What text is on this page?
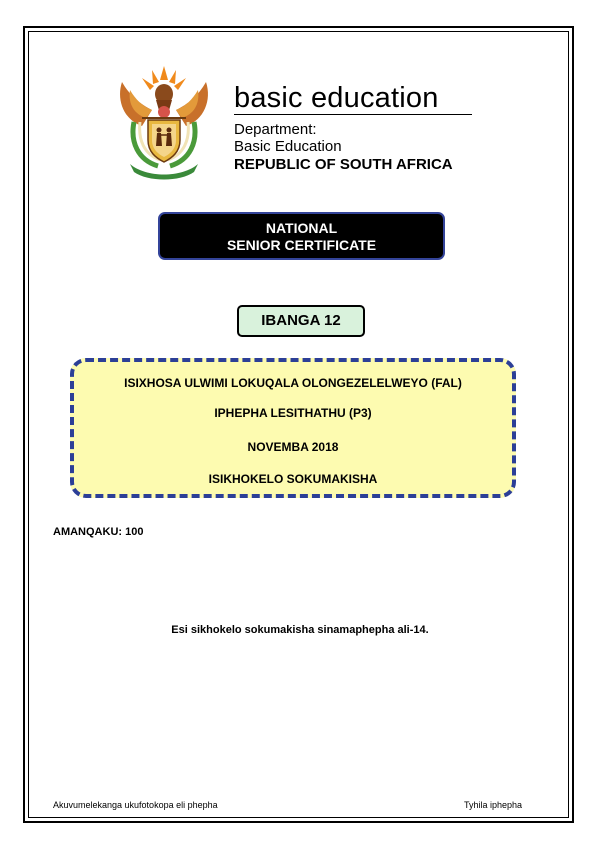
basic education
Department:
Basic Education
REPUBLIC OF SOUTH AFRICA
NATIONAL
SENIOR CERTIFICATE
IBANGA 12
ISIXHOSA ULWIMI LOKUQALA OLONGEZELELWEYO (FAL)
IPHEPHA LESITHATHU (P3)
NOVEMBA 2018
ISIKHOKELO SOKUMAKISHA
AMANQAKU: 100
Esi sikhokelo sokumakisha sinamaphepha ali-14.
Akuvumelekanga ukufotokopa eli phepha	Tyhila iphepha
